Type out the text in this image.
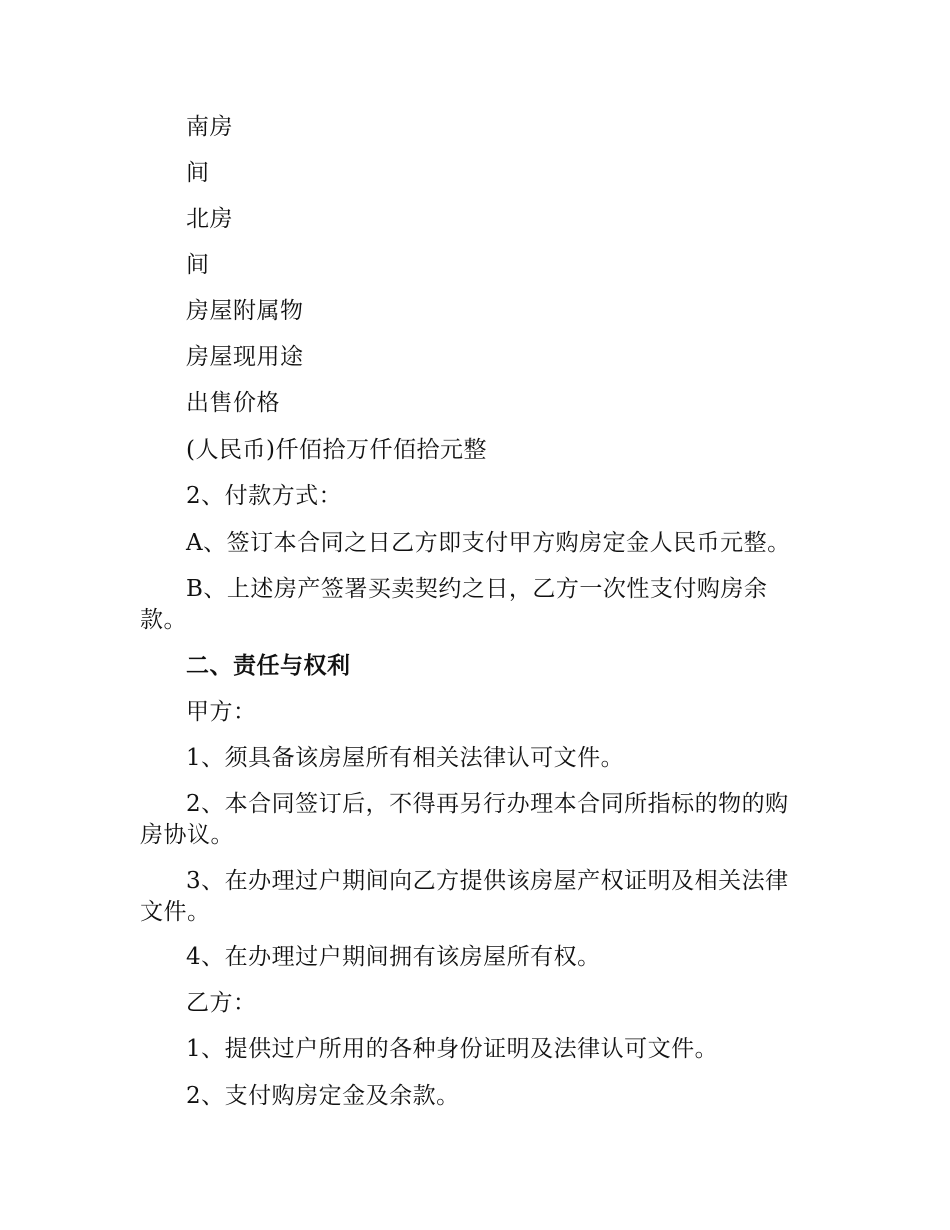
南房

间

北房

间

房屋附属物

房屋现用途

出售价格

(人民币)仟佰拾万仟佰拾元整

2、付款方式：

A、签订本合同之日乙方即支付甲方购房定金人民币元整。

B、上述房产签署买卖契约之日，乙方一次性支付购房余款。

二、责任与权利

甲方：

1、须具备该房屋所有相关法律认可文件。

2、本合同签订后，不得再另行办理本合同所指标的物的购房协议。

3、在办理过户期间向乙方提供该房屋产权证明及相关法律文件。

4、在办理过户期间拥有该房屋所有权。

乙方：

1、提供过户所用的各种身份证明及法律认可文件。

2、支付购房定金及余款。
